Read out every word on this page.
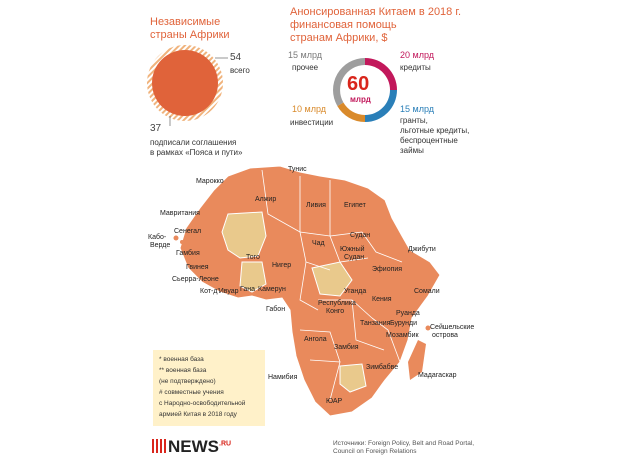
Независимые
страны Африки
54
всего
37
подписали соглашения
в рамках «Пояса и пути»
Анонсированная Китаем в 2018 г.
финансовая помощь
странам Африки, $
60
млрд
15 млрд
прочее
20 млрд
кредиты
10 млрд
инвестиции
15 млрд
гранты,
льготные кредиты,
беспроцентные
займы
Тунис
Марокко
Алжир
Ливия	Египет
Мавритания
Сенегал
Кабо-
Верде
Гамбия
Гвинея
Сьерра-Леоне
Кот-д'Ивуар Гана
Того
Нигер
Чад
Судан
Южный
Судан
Джибути
Эфиопия
Сомали
Камерун
Габон
Уганда
Кения
Республика
Конго	Руанда
Бурунди
Танзания
Сейшельские
острова
Ангола
Замбия
Мозамбик
Зимбабве
Мадагаскар
Намибия
ЮАР
* военная база
** военная база
(не подтверждено)
# совместные учения
с Народно-освободительной
армией Китая в 2018 году
$NEWS^{.RU}$	Источники: Foreign Policy, Belt and Road Portal,
Council on Foreign Relations
